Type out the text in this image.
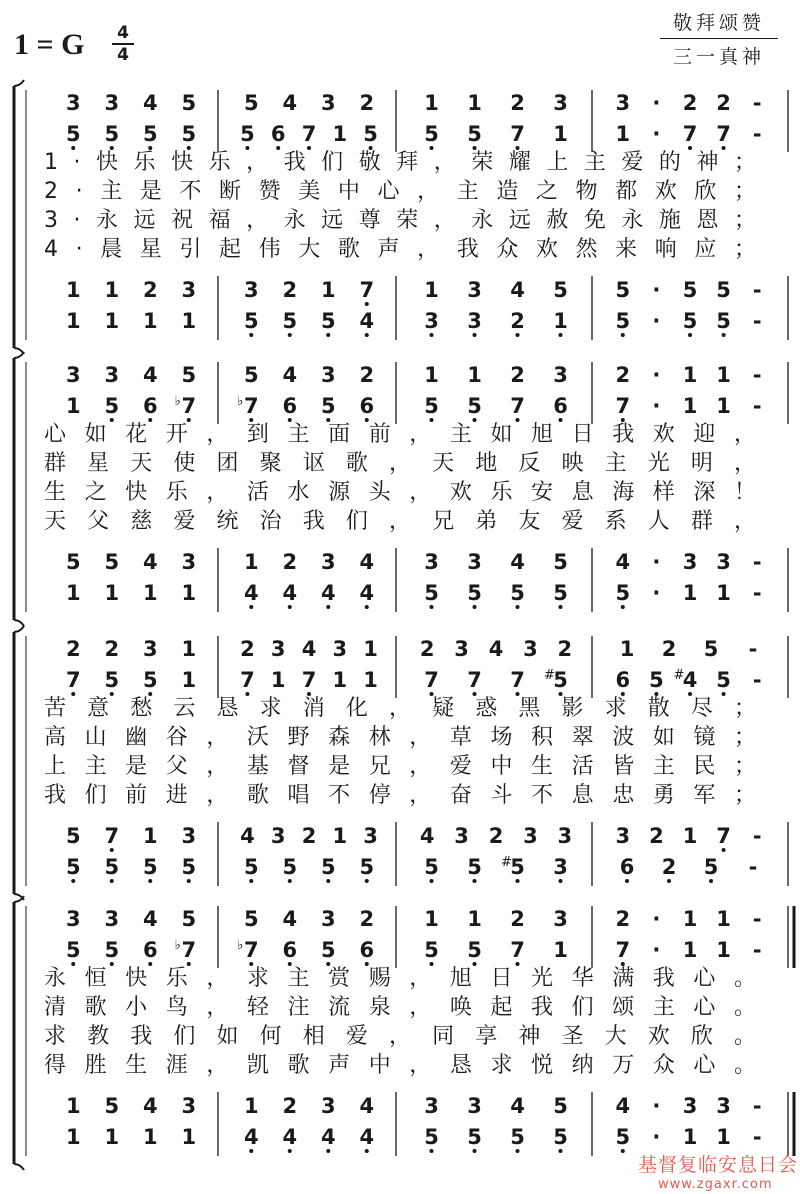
1 = G 4
4
敬拜颂赞
三一真神
3 3 4 5 5 4 3 2 1 1 2 3 3 · 2 2 -
5 5 5 5 5 6 7 1 5 5 5 7 1 1 · 7 7 -
1 1 2 3 3 2 1 7 1 3 4 5 5 · 5 5 -
1 1 1 1 5 5 5 4 3 3 2 1 5 · 5 5 -
1·快乐快乐，我们敬拜，荣耀上主爱的神；
2·主是不断赞美中心，主造之物都欢欣；
3·永远祝福，永远尊荣，永远赦免永施恩；
4·晨星引起伟大歌声，我众欢然来响应；
3 3 4 5 5 4 3 2 1 1 2 3 2 · 1 1 -
1 5 6 7
♭	7
♭ 6 5 6 5 5 7 6 7 · 1 1 -
5 5 4 3 1 2 3 4 3 3 4 5 4 · 3 3 -
1 1 1 1 4 4 4 4 5 5 5 5 5 · 1 1 -
心如花开，到主面前，主如旭日我欢迎，
群星天使团聚讴歌，天地反映主光明，
生之快乐，活水源头，欢乐安息海样深！
天父慈爱统治我们，兄弟友爱系人群，
2 2 3 1 2 3 4 3 1 2 3 4 3 2 1 2 5 -
7 5 5 1 7 1 7 1 1 7 7 7 5
#	6 5 4
# 5 -
5 7 1 3 4 3 2 1 3 4 3 2 3 3 3 2 1 7 -
5 5 5 5 5 5 5 5 5 5 5
# 3 6 2 5 -
苦意愁云恳求消化，疑惑黑影求散尽；
高山幽谷，沃野森林，草场积翠波如镜；
上主是父，基督是兄，爱中生活皆主民；
我们前进，歌唱不停，奋斗不息忠勇军；
3 3 4 5 5 4 3 2 1 1 2 3 2 · 1 1 -
5 5 6 7
♭	7
♭ 6 5 6 5 5 7 1 7 · 1 1 -
1 5 4 3 1 2 3 4 3 3 4 5 4 · 3 3 -
1 1 1 1 4 4 4 4 5 5 5 5 5 · 1 1 -
永恒快乐，求主赏赐，旭日光华满我心。
清歌小鸟，轻注流泉，唤起我们颂主心。
求教我们如何相爱，同享神圣大欢欣。
得胜生涯，凯歌声中，恳求悦纳万众心。
基督复临安息日会
www.zgaxr.com
